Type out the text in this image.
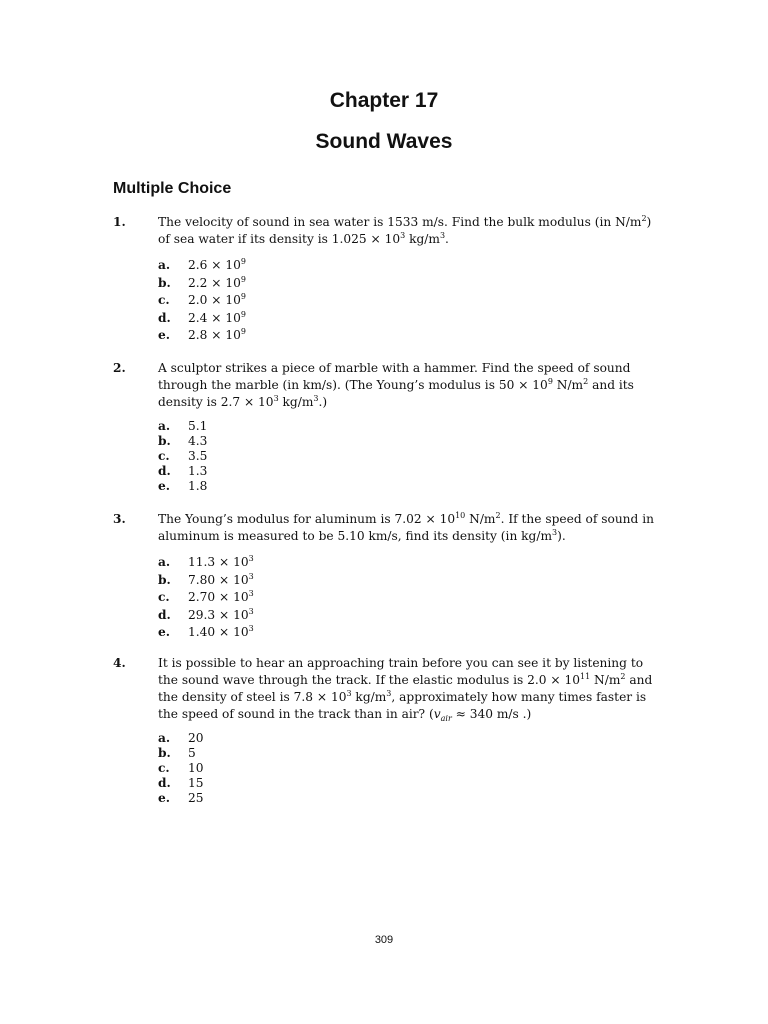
Chapter 17
Sound Waves
Multiple Choice
1.	The velocity of sound in sea water is 1533 m/s. Find the bulk modulus (in $N/m^2$) of sea water if its density is $1.025 \times 10^3$ $kg/m^3$.
a. $2.6 \times 10^9$
b. $2.2 \times 10^9$
c. $2.0 \times 10^9$
d. $2.4 \times 10^9$
e. $2.8 \times 10^9$
2.	A sculptor strikes a piece of marble with a hammer. Find the speed of sound through the marble (in km/s). (The Young’s modulus is $50 \times 10^9$ $N/m^2$ and its density is $2.7 \times 10^3$ $kg/m^3$.)
a. 5.1
b. 4.3
c. 3.5
d. 1.3
e. 1.8
3.	The Young’s modulus for aluminum is $7.02 \times 10^{10}$ $N/m^2$. If the speed of sound in aluminum is measured to be 5.10 km/s, find its density (in $kg/m^3$).
a. $11.3 \times 10^3$
b. $7.80 \times 10^3$
c. $2.70 \times 10^3$
d. $29.3 \times 10^3$
e. $1.40 \times 10^3$
4.	It is possible to hear an approaching train before you can see it by listening to the sound wave through the track. If the elastic modulus is $2.0 \times 10^{11}$ $N/m^2$ and the density of steel is $7.8 \times 10^3$ $kg/m^3$, approximately how many times faster is the speed of sound in the track than in air? ($v_{air} \approx 340$ m/s .)
a. 20
b. 5
c. 10
d. 15
e. 25
309
